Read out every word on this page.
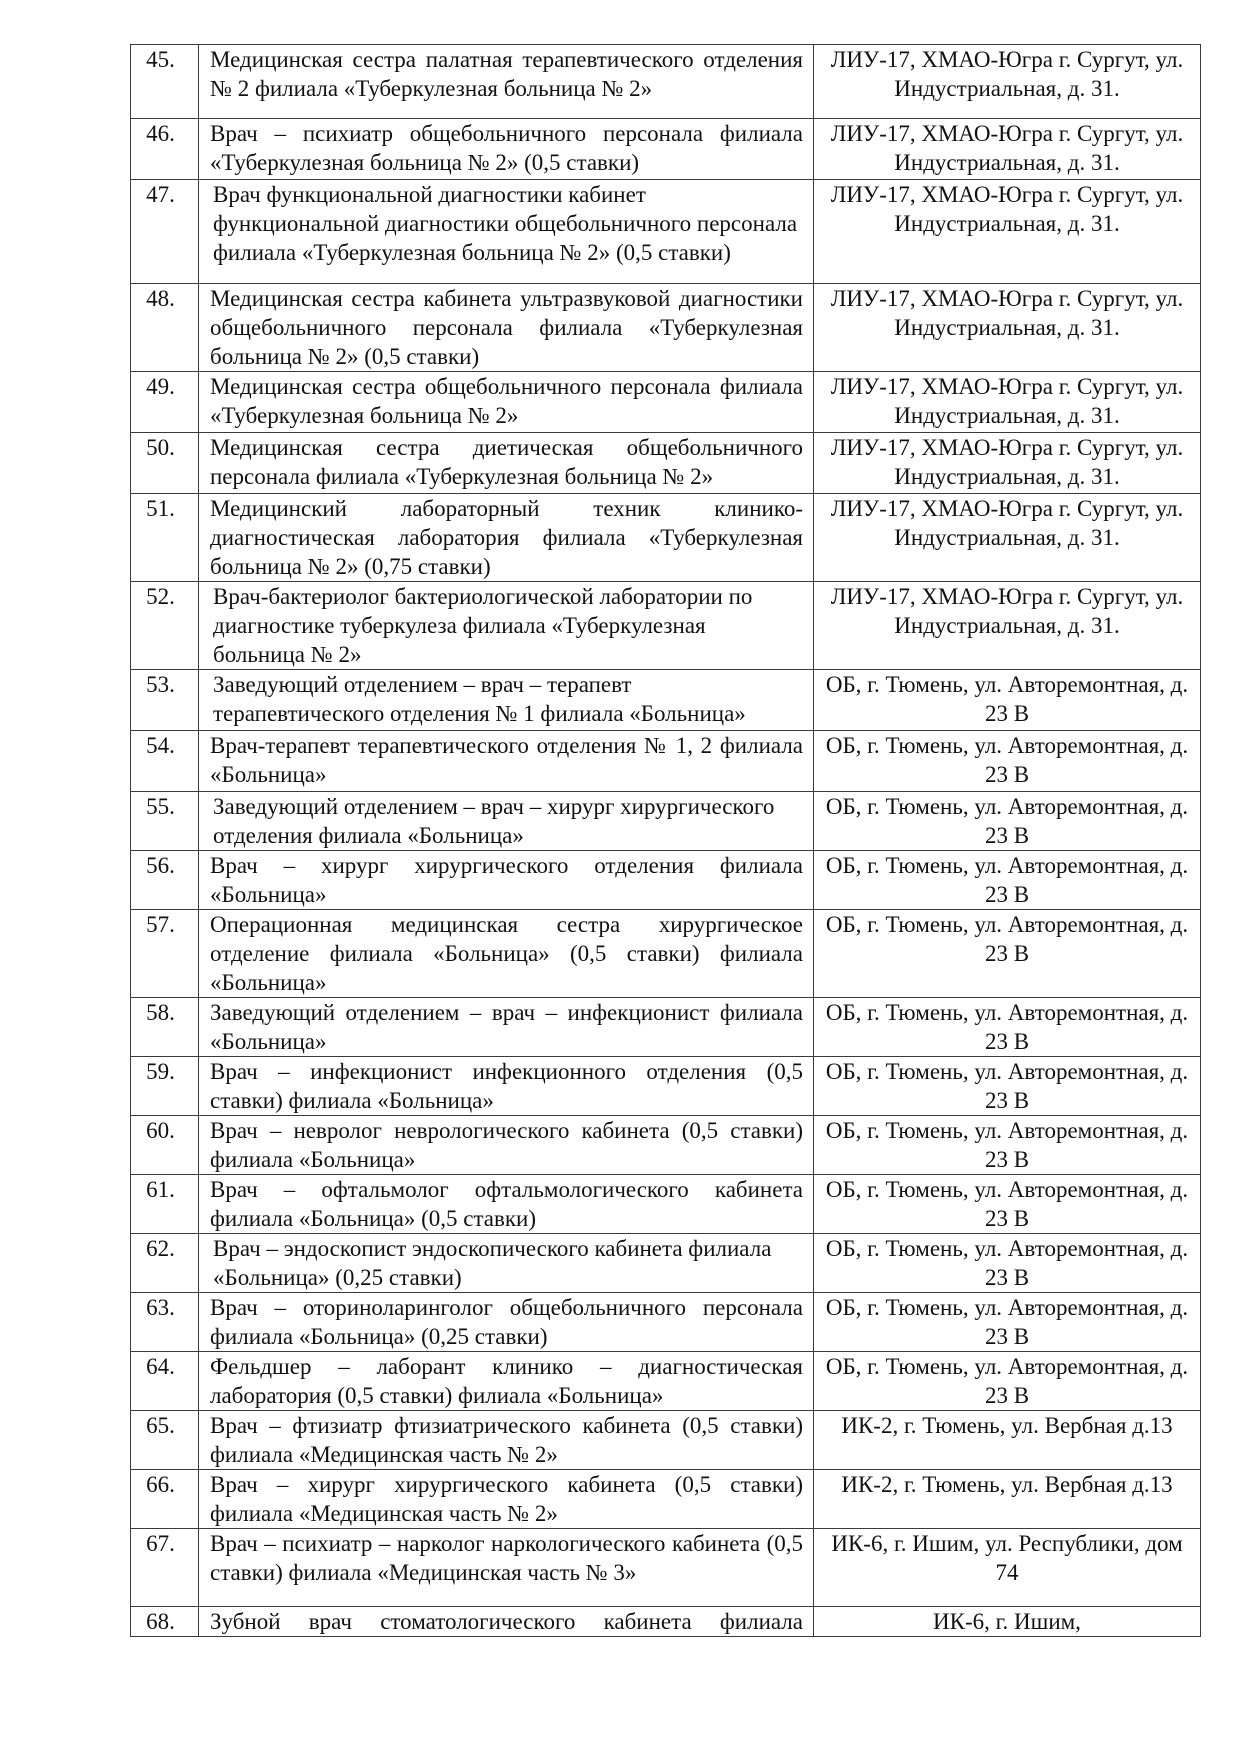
45.	Медицинская сестра палатная терапевтического отделения № 2 филиала «Туберкулезная больница № 2»	ЛИУ-17, ХМАО-Югра г. Сургут, ул. Индустриальная, д. 31.
46.	Врач – психиатр общебольничного персонала филиала «Туберкулезная больница № 2» (0,5 ставки)	ЛИУ-17, ХМАО-Югра г. Сургут, ул. Индустриальная, д. 31.
47.	Врач функциональной диагностики кабинет функциональной диагностики общебольничного персонала филиала «Туберкулезная больница № 2» (0,5 ставки)	ЛИУ-17, ХМАО-Югра г. Сургут, ул. Индустриальная, д. 31.
48.	Медицинская сестра кабинета ультразвуковой диагностики общебольничного персонала филиала «Туберкулезная больница № 2» (0,5 ставки)	ЛИУ-17, ХМАО-Югра г. Сургут, ул. Индустриальная, д. 31.
49.	Медицинская сестра общебольничного персонала филиала «Туберкулезная больница № 2»	ЛИУ-17, ХМАО-Югра г. Сургут, ул. Индустриальная, д. 31.
50.	Медицинская сестра диетическая общебольничного персонала филиала «Туберкулезная больница № 2»	ЛИУ-17, ХМАО-Югра г. Сургут, ул. Индустриальная, д. 31.
51.	Медицинский лабораторный техник клинико-диагностическая лаборатория филиала «Туберкулезная больница № 2» (0,75 ставки)	ЛИУ-17, ХМАО-Югра г. Сургут, ул. Индустриальная, д. 31.
52.	Врач-бактериолог бактериологической лаборатории по диагностике туберкулеза филиала «Туберкулезная больница № 2»	ЛИУ-17, ХМАО-Югра г. Сургут, ул. Индустриальная, д. 31.
53.	Заведующий отделением – врач – терапевт терапевтического отделения № 1 филиала «Больница»	ОБ, г. Тюмень, ул. Авторемонтная, д. 23 В
54.	Врач-терапевт терапевтического отделения № 1, 2 филиала «Больница»	ОБ, г. Тюмень, ул. Авторемонтная, д. 23 В
55.	Заведующий отделением – врач – хирург хирургического отделения филиала «Больница»	ОБ, г. Тюмень, ул. Авторемонтная, д. 23 В
56.	Врач – хирург хирургического отделения филиала «Больница»	ОБ, г. Тюмень, ул. Авторемонтная, д. 23 В
57.	Операционная медицинская сестра хирургическое отделение филиала «Больница» (0,5 ставки) филиала «Больница»	ОБ, г. Тюмень, ул. Авторемонтная, д. 23 В
58.	Заведующий отделением – врач – инфекционист филиала «Больница»	ОБ, г. Тюмень, ул. Авторемонтная, д. 23 В
59.	Врач – инфекционист инфекционного отделения (0,5 ставки) филиала «Больница»	ОБ, г. Тюмень, ул. Авторемонтная, д. 23 В
60.	Врач – невролог неврологического кабинета (0,5 ставки) филиала «Больница»	ОБ, г. Тюмень, ул. Авторемонтная, д. 23 В
61.	Врач – офтальмолог офтальмологического кабинета филиала «Больница» (0,5 ставки)	ОБ, г. Тюмень, ул. Авторемонтная, д. 23 В
62.	Врач – эндоскопист эндоскопического кабинета филиала «Больница» (0,25 ставки)	ОБ, г. Тюмень, ул. Авторемонтная, д. 23 В
63.	Врач – оториноларинголог общебольничного персонала филиала «Больница» (0,25 ставки)	ОБ, г. Тюмень, ул. Авторемонтная, д. 23 В
64.	Фельдшер – лаборант клинико – диагностическая лаборатория (0,5 ставки) филиала «Больница»	ОБ, г. Тюмень, ул. Авторемонтная, д. 23 В
65.	Врач – фтизиатр фтизиатрического кабинета (0,5 ставки) филиала «Медицинская часть № 2»	ИК-2, г. Тюмень, ул. Вербная д.13
66.	Врач – хирург хирургического кабинета (0,5 ставки) филиала «Медицинская часть № 2»	ИК-2, г. Тюмень, ул. Вербная д.13
67.	Врач – психиатр – нарколог наркологического кабинета (0,5 ставки) филиала «Медицинская часть № 3»	ИК-6, г. Ишим, ул. Республики, дом 74
68.	Зубной врач стоматологического кабинета филиала	ИК-6, г. Ишим,
